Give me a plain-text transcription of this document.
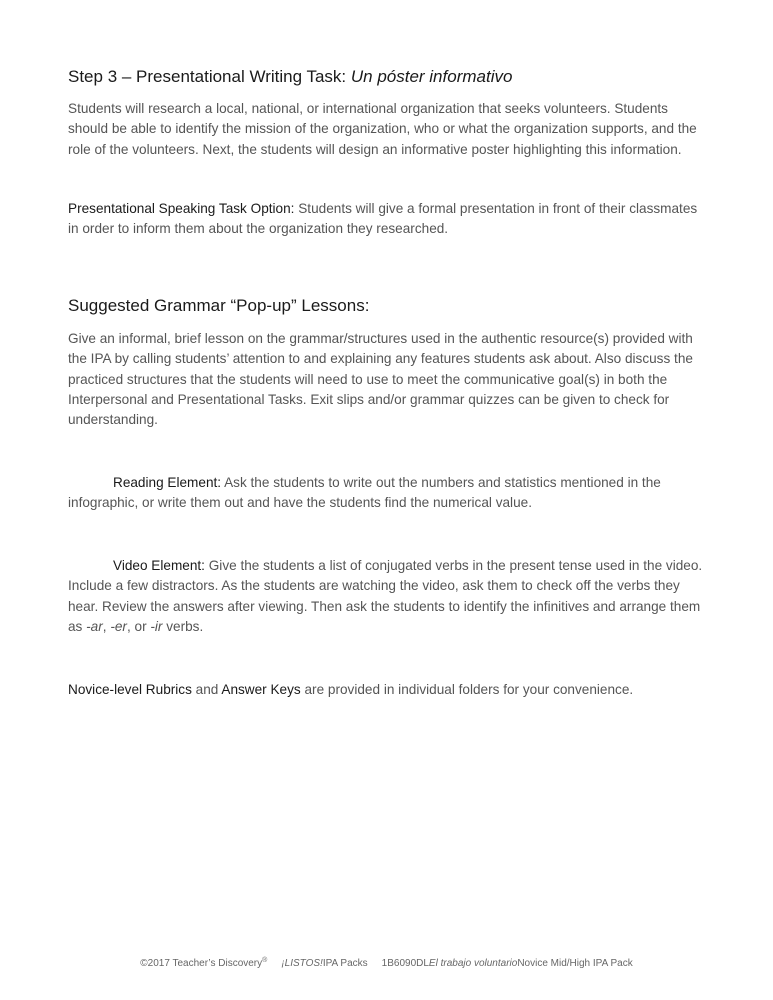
Step 3 – Presentational Writing Task: Un póster informativo

Students will research a local, national, or international organization that seeks volunteers. Students should be able to identify the mission of the organization, who or what the organization supports, and the role of the volunteers. Next, the students will design an informative poster highlighting this information.

Presentational Speaking Task Option: Students will give a formal presentation in front of their classmates in order to inform them about the organization they researched.

Suggested Grammar “Pop-up” Lessons:

Give an informal, brief lesson on the grammar/structures used in the authentic resource(s) provided with the IPA by calling students’ attention to and explaining any features students ask about. Also discuss the practiced structures that the students will need to use to meet the communicative goal(s) in both the Interpersonal and Presentational Tasks. Exit slips and/or grammar quizzes can be given to check for understanding.

Reading Element: Ask the students to write out the numbers and statistics mentioned in the infographic, or write them out and have the students find the numerical value.

Video Element: Give the students a list of conjugated verbs in the present tense used in the video. Include a few distractors. As the students are watching the video, ask them to check off the verbs they hear. Review the answers after viewing. Then ask the students to identify the infinitives and arrange them as -ar, -er, or -ir verbs.

Novice-level Rubrics and Answer Keys are provided in individual folders for your convenience.

©2017 Teacher’s Discovery® ¡LISTOS!IPA Packs 1B6090DLEl trabajo voluntarioNovice Mid/High IPA Pack
